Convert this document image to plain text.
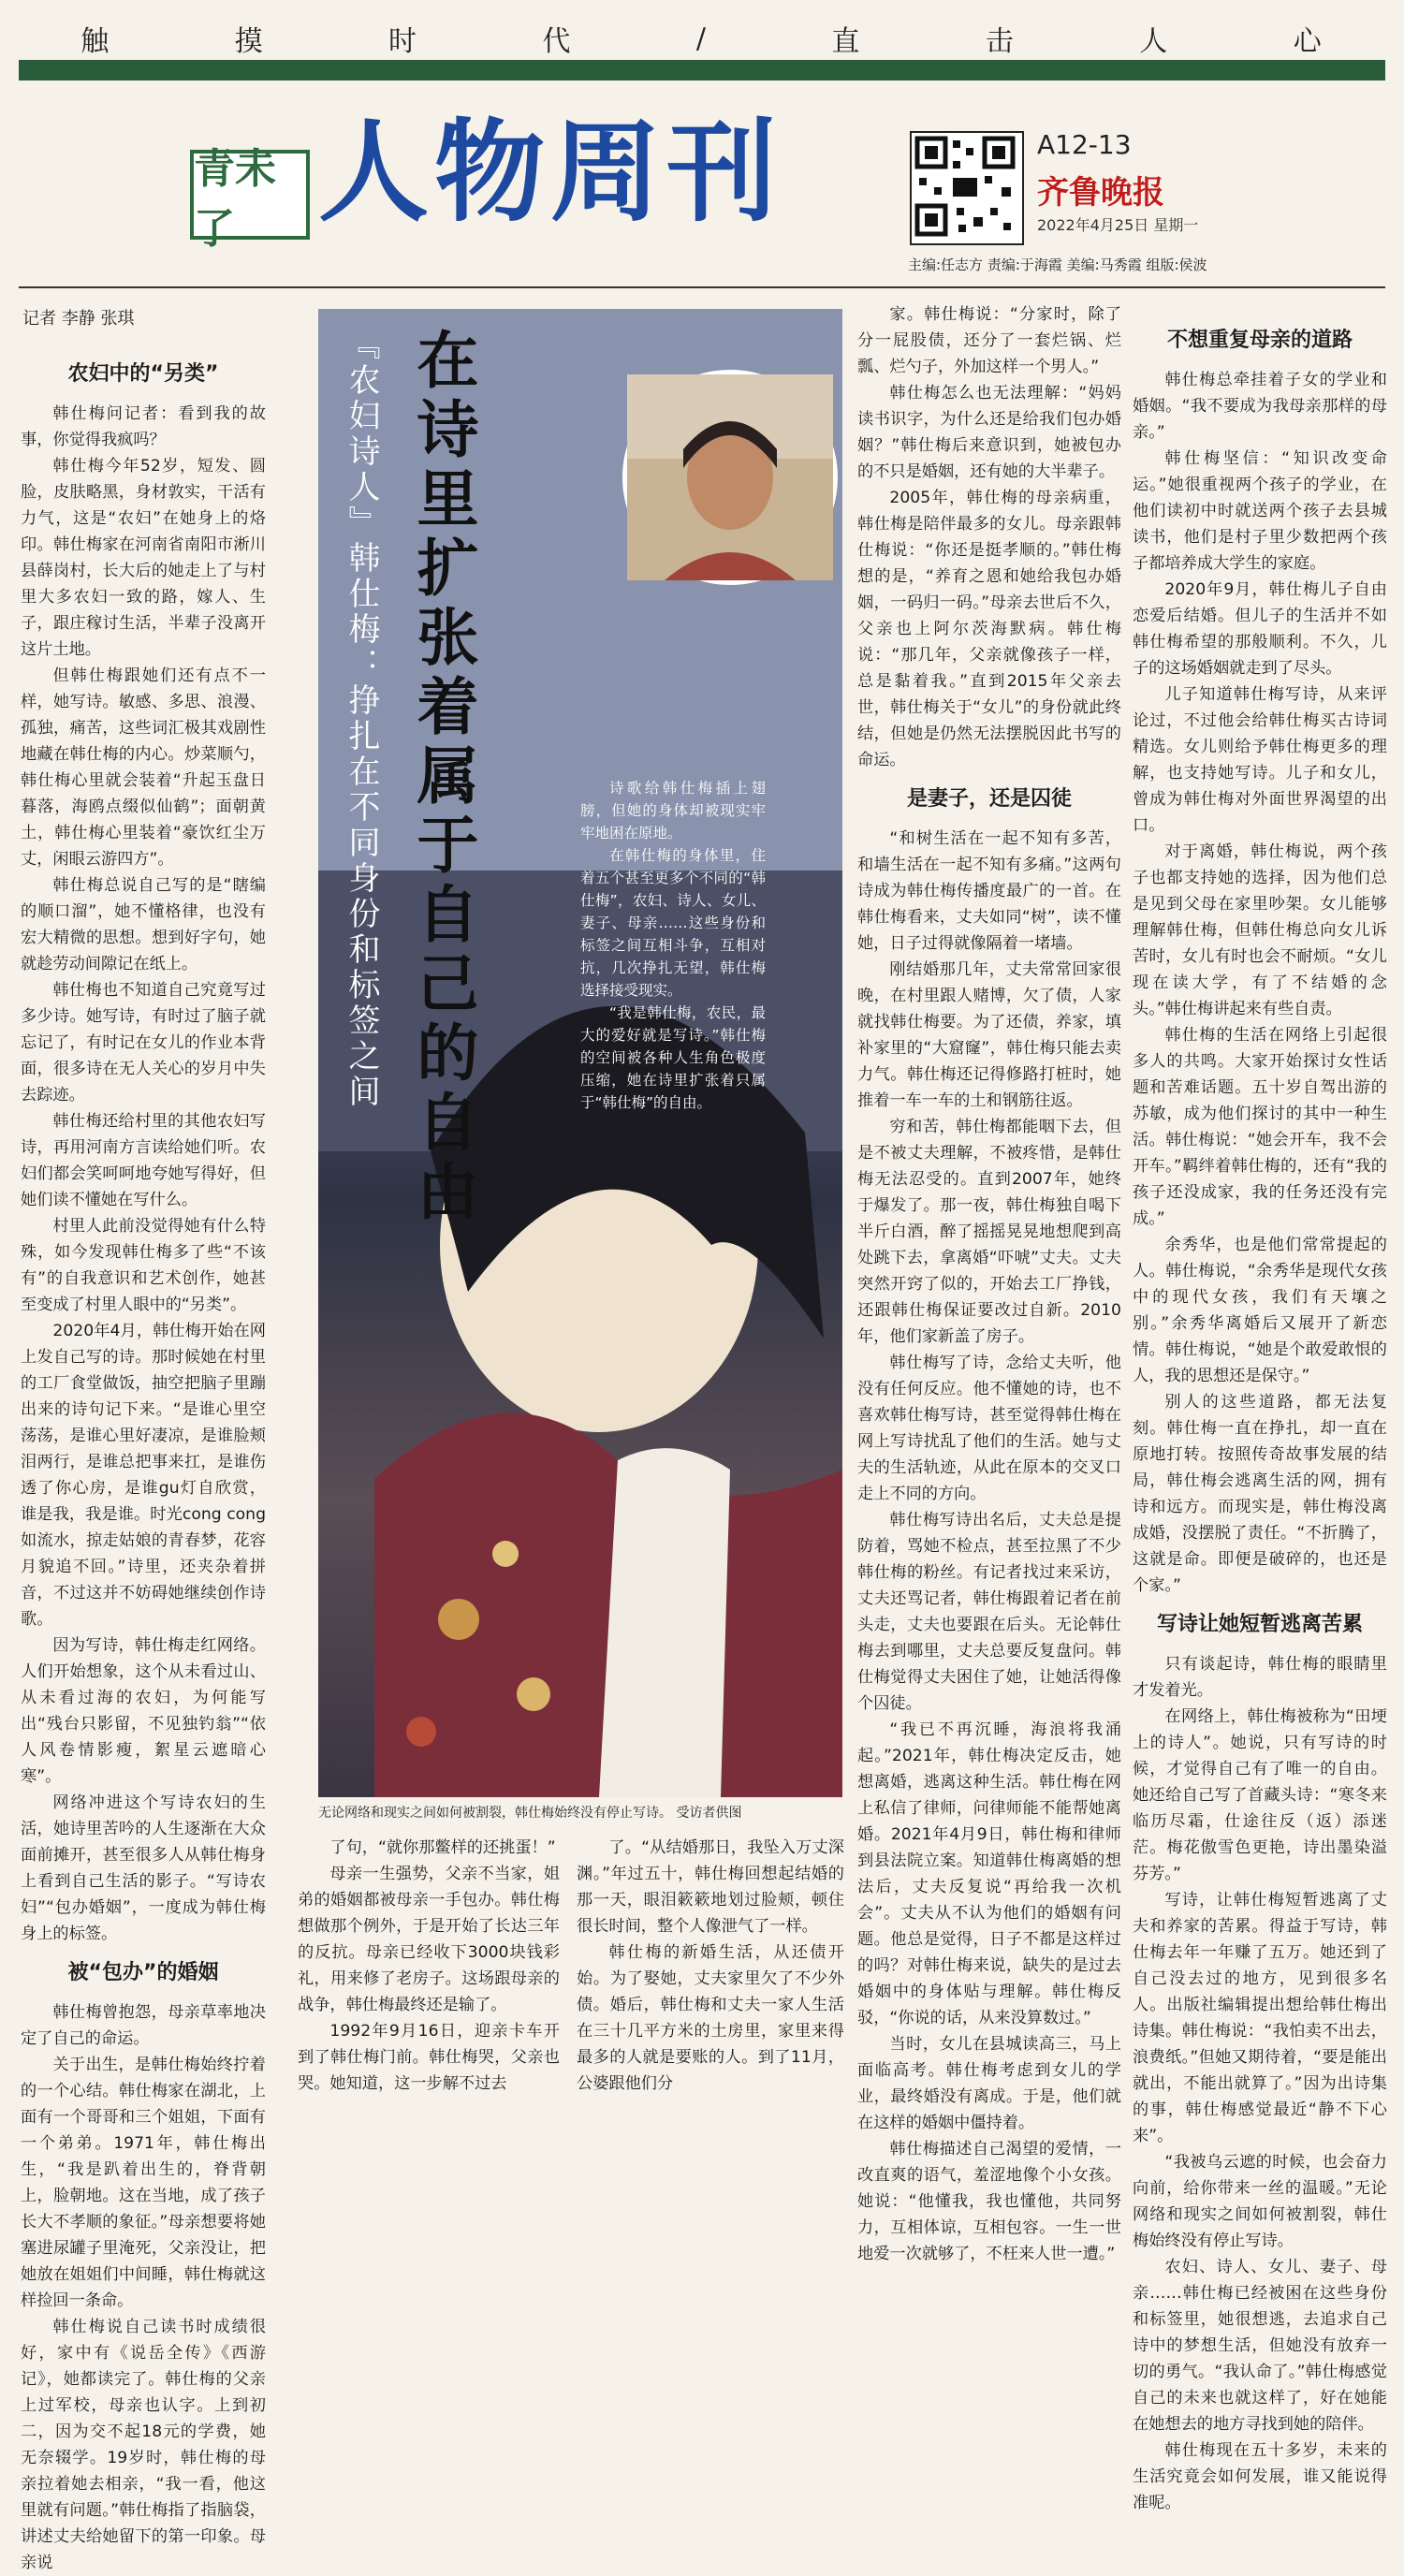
触	摸	时	代	/	直	击	人	心
青未了 人物周刊	A12-13
齐鲁晚报
2022年4月25日 星期一
主编:任志方 责编:于海霞 美编:马秀霞 组版:侯波
记者 李静 张琪
农妇中的“另类”

韩仕梅问记者：看到我的故事，你觉得我疯吗？

韩仕梅今年52岁，短发、圆脸，皮肤略黑，身材敦实，干活有力气，这是“农妇”在她身上的烙印。韩仕梅家在河南省南阳市淅川县薛岗村，长大后的她走上了与村里大多农妇一致的路，嫁人、生子，跟庄稼讨生活，半辈子没离开这片土地。

但韩仕梅跟她们还有点不一样，她写诗。敏感、多思、浪漫、孤独，痛苦，这些词汇极其戏剧性地藏在韩仕梅的内心。炒菜顺勺，韩仕梅心里就会装着“升起玉盘日暮落，海鸥点缀似仙鹤”；面朝黄土，韩仕梅心里装着“豪饮红尘万丈，闲眼云游四方”。

韩仕梅总说自己写的是“瞎编的顺口溜”，她不懂格律，也没有宏大精微的思想。想到好字句，她就趁劳动间隙记在纸上。

韩仕梅也不知道自己究竟写过多少诗。她写诗，有时过了脑子就忘记了，有时记在女儿的作业本背面，很多诗在无人关心的岁月中失去踪迹。

韩仕梅还给村里的其他农妇写诗，再用河南方言读给她们听。农妇们都会笑呵呵地夸她写得好，但她们读不懂她在写什么。

村里人此前没觉得她有什么特殊，如今发现韩仕梅多了些“不该有”的自我意识和艺术创作，她甚至变成了村里人眼中的“另类”。

2020年4月，韩仕梅开始在网上发自己写的诗。那时候她在村里的工厂食堂做饭，抽空把脑子里蹦出来的诗句记下来。“是谁心里空荡荡，是谁心里好凄凉，是谁脸颊泪两行，是谁总把事来扛，是谁伤透了你心房，是谁gu灯自欣赏，谁是我，我是谁。时光cong cong如流水，掠走姑娘的青春梦，花容月貌追不回。”诗里，还夹杂着拼音，不过这并不妨碍她继续创作诗歌。

因为写诗，韩仕梅走红网络。人们开始想象，这个从未看过山、从未看过海的农妇，为何能写出“残台只影留，不见独钓翁”“依人风卷情影瘦，絮星云遮暗心寒”。

网络冲进这个写诗农妇的生活，她诗里苦吟的人生逐渐在大众面前摊开，甚至很多人从韩仕梅身上看到自己生活的影子。“写诗农妇”“包办婚姻”，一度成为韩仕梅身上的标签。

被“包办”的婚姻

韩仕梅曾抱怨，母亲草率地决定了自己的命运。

关于出生，是韩仕梅始终拧着的一个心结。韩仕梅家在湖北，上面有一个哥哥和三个姐姐，下面有一个弟弟。1971年，韩仕梅出生，“我是趴着出生的，脊背朝上，脸朝地。这在当地，成了孩子长大不孝顺的象征。”母亲想要将她塞进尿罐子里淹死，父亲没让，把她放在姐姐们中间睡，韩仕梅就这样捡回一条命。

韩仕梅说自己读书时成绩很好，家中有《说岳全传》《西游记》，她都读完了。韩仕梅的父亲上过军校，母亲也认字。上到初二，因为交不起18元的学费，她无奈辍学。19岁时，韩仕梅的母亲拉着她去相亲，“我一看，他这里就有问题。”韩仕梅指了指脑袋，讲述丈夫给她留下的第一印象。母亲说

在诗里扩张着属于自己的自由
『农妇诗人』韩仕梅：挣扎在不同身份和标签之间	诗歌给韩仕梅插上翅膀，但她的身体却被现实牢牢地困在原地。

在韩仕梅的身体里，住着五个甚至更多个不同的“韩仕梅”，农妇、诗人、女儿、妻子、母亲……这些身份和标签之间互相斗争，互相对抗，几次挣扎无望，韩仕梅选择接受现实。

“我是韩仕梅，农民，最大的爱好就是写诗。”韩仕梅的空间被各种人生角色极度压缩，她在诗里扩张着只属于“韩仕梅”的自由。

无论网络和现实之间如何被割裂，韩仕梅始终没有停止写诗。 受访者供图

了句，“就你那鳖样的还挑蛋！”

母亲一生强势，父亲不当家，姐弟的婚姻都被母亲一手包办。韩仕梅想做那个例外，于是开始了长达三年的反抗。母亲已经收下3000块钱彩礼，用来修了老房子。这场跟母亲的战争，韩仕梅最终还是输了。

1992年9月16日，迎亲卡车开到了韩仕梅门前。韩仕梅哭，父亲也哭。她知道，这一步解不过去

了。“从结婚那日，我坠入万丈深渊。”年过五十，韩仕梅回想起结婚的那一天，眼泪簌簌地划过脸颊，顿住很长时间，整个人像泄气了一样。

韩仕梅的新婚生活，从还债开始。为了娶她，丈夫家里欠了不少外债。婚后，韩仕梅和丈夫一家人生活在三十几平方米的土房里，家里来得最多的人就是要账的人。到了11月，公婆跟他们分

家。韩仕梅说：“分家时，除了分一屁股债，还分了一套烂锅、烂瓢、烂勺子，外加这样一个男人。”

韩仕梅怎么也无法理解：“妈妈读书识字，为什么还是给我们包办婚姻？”韩仕梅后来意识到，她被包办的不只是婚姻，还有她的大半辈子。

2005年，韩仕梅的母亲病重，韩仕梅是陪伴最多的女儿。母亲跟韩仕梅说：“你还是挺孝顺的。”韩仕梅想的是，“养育之恩和她给我包办婚姻，一码归一码。”母亲去世后不久，父亲也上阿尔茨海默病。韩仕梅说：“那几年，父亲就像孩子一样，总是黏着我。”直到2015年父亲去世，韩仕梅关于“女儿”的身份就此终结，但她是仍然无法摆脱因此书写的命运。

是妻子，还是囚徒

“和树生活在一起不知有多苦，和墙生活在一起不知有多痛。”这两句诗成为韩仕梅传播度最广的一首。在韩仕梅看来，丈夫如同“树”，读不懂她，日子过得就像隔着一堵墙。

刚结婚那几年，丈夫常常回家很晚，在村里跟人赌博，欠了债，人家就找韩仕梅要。为了还债，养家，填补家里的“大窟窿”，韩仕梅只能去卖力气。韩仕梅还记得修路打桩时，她推着一车一车的土和钢筋往返。

穷和苦，韩仕梅都能咽下去，但是不被丈夫理解，不被疼惜，是韩仕梅无法忍受的。直到2007年，她终于爆发了。那一夜，韩仕梅独自喝下半斤白酒，醉了摇摇晃晃地想爬到高处跳下去，拿离婚“吓唬”丈夫。丈夫突然开窍了似的，开始去工厂挣钱，还跟韩仕梅保证要改过自新。2010年，他们家新盖了房子。

韩仕梅写了诗，念给丈夫听，他没有任何反应。他不懂她的诗，也不喜欢韩仕梅写诗，甚至觉得韩仕梅在网上写诗扰乱了他们的生活。她与丈夫的生活轨迹，从此在原本的交叉口走上不同的方向。

韩仕梅写诗出名后，丈夫总是提防着，骂她不检点，甚至拉黑了不少韩仕梅的粉丝。有记者找过来采访，丈夫还骂记者，韩仕梅跟着记者在前头走，丈夫也要跟在后头。无论韩仕梅去到哪里，丈夫总要反复盘问。韩仕梅觉得丈夫困住了她，让她活得像个囚徒。

“我已不再沉睡，海浪将我涌起。”2021年，韩仕梅决定反击，她想离婚，逃离这种生活。韩仕梅在网上私信了律师，问律师能不能帮她离婚。2021年4月9日，韩仕梅和律师到县法院立案。知道韩仕梅离婚的想法后，丈夫反复说“再给我一次机会”。丈夫从不认为他们的婚姻有问题。他总是觉得，日子不都是这样过的吗？对韩仕梅来说，缺失的是过去婚姻中的身体贴与理解。韩仕梅反驳，“你说的话，从来没算数过。”

当时，女儿在县城读高三，马上面临高考。韩仕梅考虑到女儿的学业，最终婚没有离成。于是，他们就在这样的婚姻中僵持着。

韩仕梅描述自己渴望的爱情，一改直爽的语气，羞涩地像个小女孩。她说：“他懂我，我也懂他，共同努力，互相体谅，互相包容。一生一世地爱一次就够了，不枉来人世一遭。”

不想重复母亲的道路

韩仕梅总牵挂着子女的学业和婚姻。“我不要成为我母亲那样的母亲。”

韩仕梅坚信：“知识改变命运。”她很重视两个孩子的学业，在他们读初中时就送两个孩子去县城读书，他们是村子里少数把两个孩子都培养成大学生的家庭。

2020年9月，韩仕梅儿子自由恋爱后结婚。但儿子的生活并不如韩仕梅希望的那般顺利。不久，儿子的这场婚姻就走到了尽头。

儿子知道韩仕梅写诗，从来评论过，不过他会给韩仕梅买古诗词精选。女儿则给予韩仕梅更多的理解，也支持她写诗。儿子和女儿，曾成为韩仕梅对外面世界渴望的出口。

对于离婚，韩仕梅说，两个孩子也都支持她的选择，因为他们总是见到父母在家里吵架。女儿能够理解韩仕梅，但韩仕梅总向女儿诉苦时，女儿有时也会不耐烦。“女儿现在读大学，有了不结婚的念头。”韩仕梅讲起来有些自责。

韩仕梅的生活在网络上引起很多人的共鸣。大家开始探讨女性话题和苦难话题。五十岁自驾出游的苏敏，成为他们探讨的其中一种生活。韩仕梅说：“她会开车，我不会开车。”羁绊着韩仕梅的，还有“我的孩子还没成家，我的任务还没有完成。”

余秀华，也是他们常常提起的人。韩仕梅说，“余秀华是现代女孩中的现代女孩，我们有天壤之别。”余秀华离婚后又展开了新恋情。韩仕梅说，“她是个敢爱敢恨的人，我的思想还是保守。”

别人的这些道路，都无法复刻。韩仕梅一直在挣扎，却一直在原地打转。按照传奇故事发展的结局，韩仕梅会逃离生活的网，拥有诗和远方。而现实是，韩仕梅没离成婚，没摆脱了责任。“不折腾了，这就是命。即便是破碎的，也还是个家。”

写诗让她短暂逃离苦累

只有谈起诗，韩仕梅的眼睛里才发着光。

在网络上，韩仕梅被称为“田埂上的诗人”。她说，只有写诗的时候，才觉得自己有了唯一的自由。她还给自己写了首藏头诗：“寒冬来临历尽霜，仕途往反（返）添迷茫。梅花傲雪色更艳，诗出墨染溢芬芳。”

写诗，让韩仕梅短暂逃离了丈夫和养家的苦累。得益于写诗，韩仕梅去年一年赚了五万。她还到了自己没去过的地方，见到很多名人。出版社编辑提出想给韩仕梅出诗集。韩仕梅说：“我怕卖不出去，浪费纸。”但她又期待着，“要是能出就出，不能出就算了。”因为出诗集的事，韩仕梅感觉最近“静不下心来”。

“我被乌云遮的时候，也会奋力向前，给你带来一丝的温暖。”无论网络和现实之间如何被割裂，韩仕梅始终没有停止写诗。

农妇、诗人、女儿、妻子、母亲……韩仕梅已经被困在这些身份和标签里，她很想逃，去追求自己诗中的梦想生活，但她没有放弃一切的勇气。“我认命了。”韩仕梅感觉自己的未来也就这样了，好在她能在她想去的地方寻找到她的陪伴。

韩仕梅现在五十多岁，未来的生活究竟会如何发展，谁又能说得准呢。
